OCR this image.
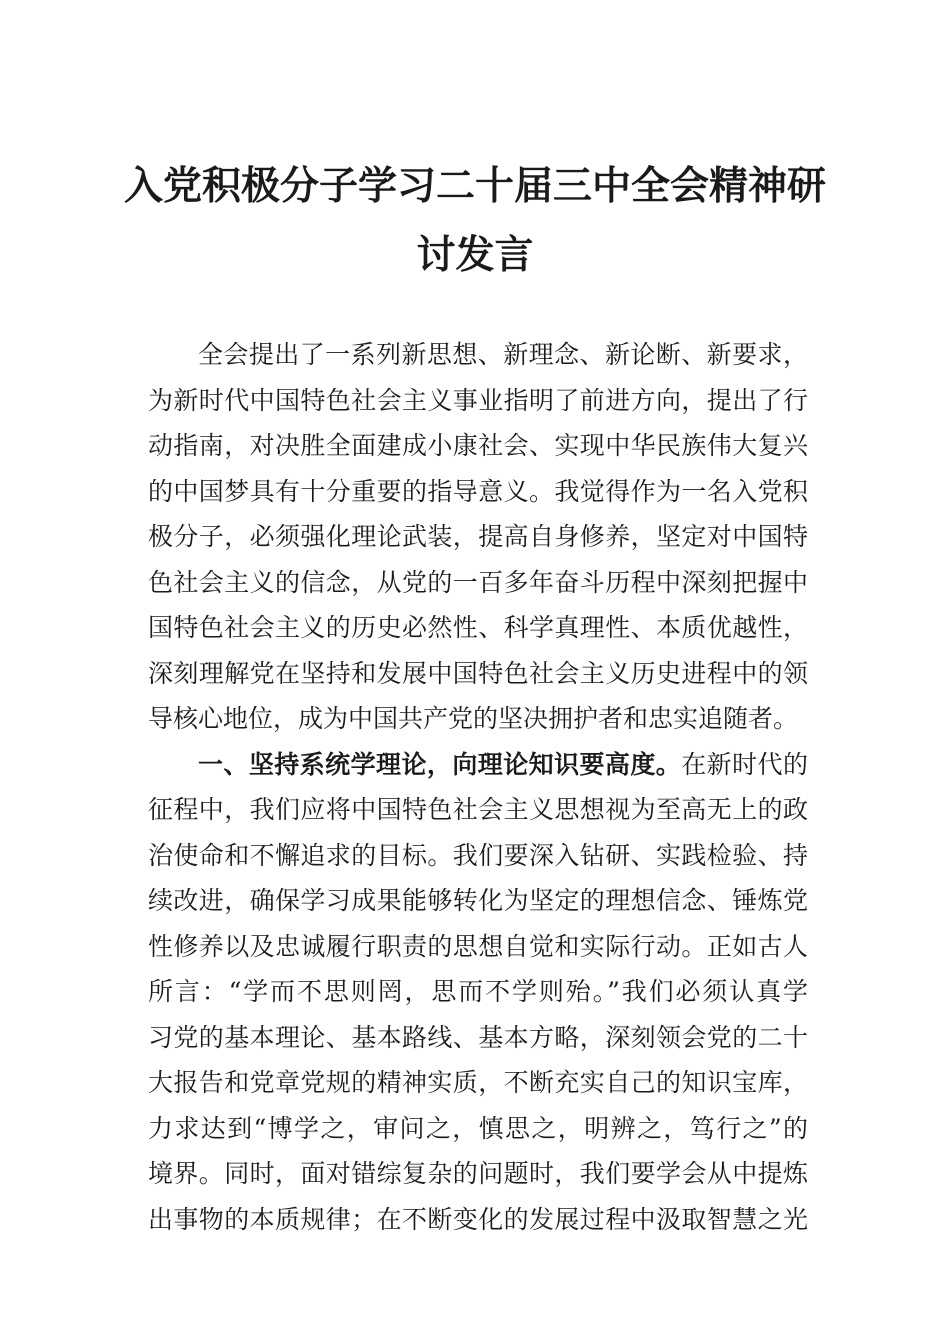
入党积极分子学习二十届三中全会精神研
讨发言
全会提出了一系列新思想、新理念、新论断、新要求，
为新时代中国特色社会主义事业指明了前进方向，提出了行
动指南，对决胜全面建成小康社会、实现中华民族伟大复兴
的中国梦具有十分重要的指导意义。我觉得作为一名入党积
极分子，必须强化理论武装，提高自身修养，坚定对中国特
色社会主义的信念，从党的一百多年奋斗历程中深刻把握中
国特色社会主义的历史必然性、科学真理性、本质优越性，
深刻理解党在坚持和发展中国特色社会主义历史进程中的领
导核心地位，成为中国共产党的坚决拥护者和忠实追随者。
一、坚持系统学理论，向理论知识要高度。在新时代的
征程中，我们应将中国特色社会主义思想视为至高无上的政
治使命和不懈追求的目标。我们要深入钻研、实践检验、持
续改进，确保学习成果能够转化为坚定的理想信念、锤炼党
性修养以及忠诚履行职责的思想自觉和实际行动。正如古人
所言：“学而不思则罔，思而不学则殆。”我们必须认真学
习党的基本理论、基本路线、基本方略，深刻领会党的二十
大报告和党章党规的精神实质，不断充实自己的知识宝库，
力求达到“博学之，审问之，慎思之，明辨之，笃行之”的
境界。同时，面对错综复杂的问题时，我们要学会从中提炼
出事物的本质规律；在不断变化的发展过程中汲取智慧之光
